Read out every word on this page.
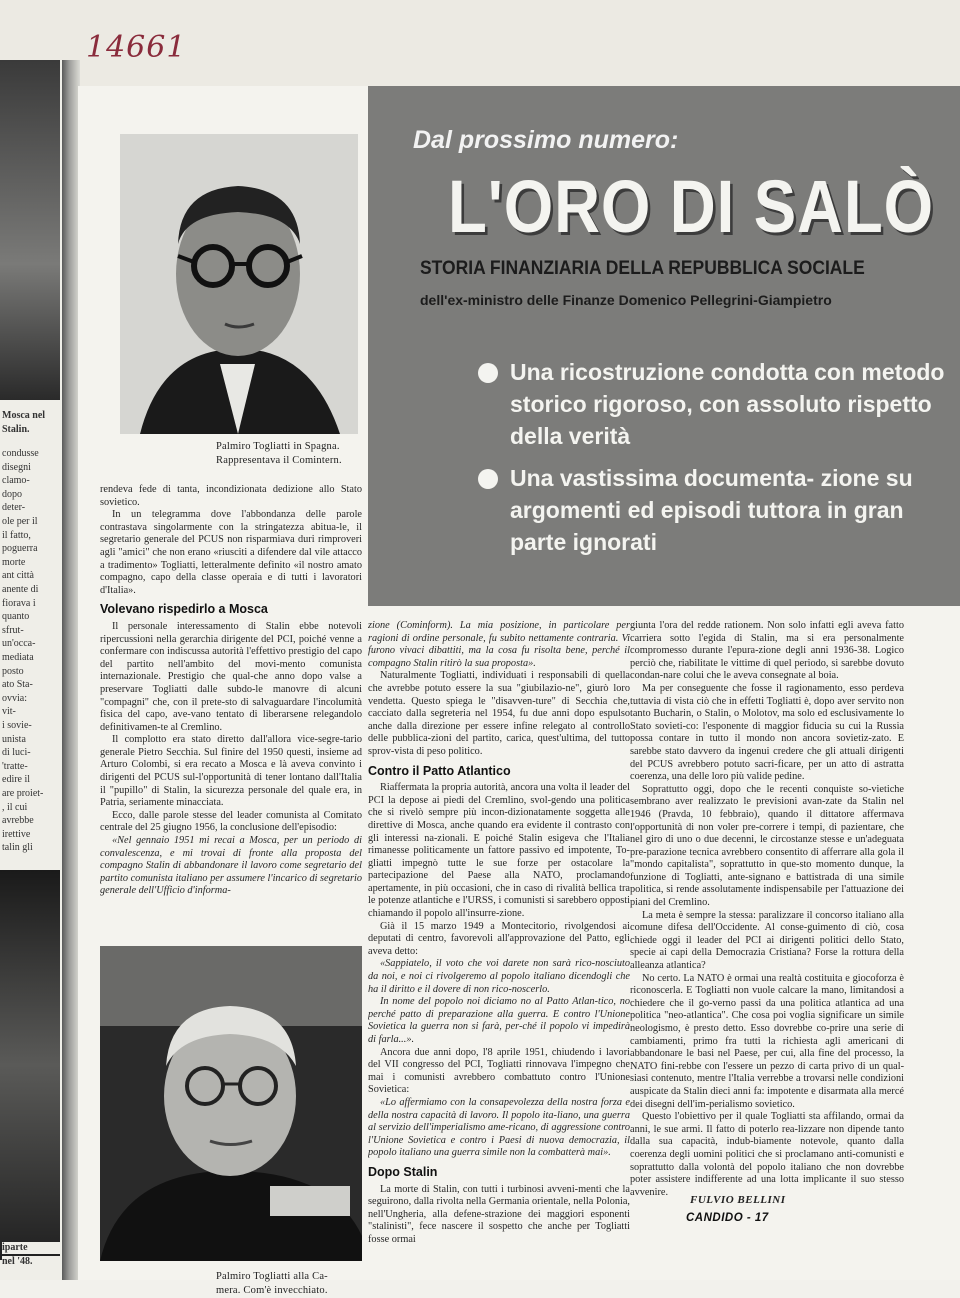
14661
Mosca nel
Stalin.
iparte
nel '48.
condusse
disegni
clamo-
dopo
deter-
ole per il
il fatto,
poguerra
morte
ant città
anente di
fiorava i
quanto
sfrut-
un'occa-
mediata
posto
ato Sta-
ovvia:
vit-
i sovie-
unista
di luci-
'tratte-
edire il
are proiet-
, il cui
avrebbe
irettive
talin gli
Palmiro Togliatti in Spagna.
Rappresentava il Comintern.
Dal prossimo numero:
L'ORO DI SALÒ
STORIA FINANZIARIA DELLA REPUBBLICA SOCIALE
dell'ex-ministro delle Finanze Domenico Pellegrini-Giampietro
Una ricostruzione condotta con metodo storico rigoroso, con assoluto rispetto della verità
Una vastissima documenta- zione su argomenti ed episodi tuttora in gran parte ignorati

rendeva fede di tanta, incondizionata dedizione allo Stato sovietico.

In un telegramma dove l'abbondanza delle parole contrastava singolarmente con la stringatezza abitua-le, il segretario generale del PCUS non risparmiava duri rimproveri agli "amici" che non erano «riusciti a difendere dal vile attacco a tradimento» Togliatti, letteralmente definito «il nostro amato compagno, capo della classe operaia e di tutti i lavoratori d'Italia».

Volevano rispedirlo a Mosca

Il personale interessamento di Stalin ebbe notevoli ripercussioni nella gerarchia dirigente del PCI, poiché venne a confermare con indiscussa autorità l'effettivo prestigio del capo del partito nell'ambito del movi-mento comunista internazionale. Prestigio che qual-che anno dopo valse a preservare Togliatti dalle subdo-le manovre di alcuni "compagni" che, con il prete-sto di salvaguardare l'incolumità fisica del capo, ave-vano tentato di liberarsene relegandolo definitivamen-te al Cremlino.

Il complotto era stato diretto dall'allora vice-segre-tario generale Pietro Secchia. Sul finire del 1950 questi, insieme ad Arturo Colombi, si era recato a Mosca e là aveva convinto i dirigenti del PCUS sul-l'opportunità di tener lontano dall'Italia il "pupillo" di Stalin, la sicurezza personale del quale era, in Patria, seriamente minacciata.

Ecco, dalle parole stesse del leader comunista al Comitato centrale del 25 giugno 1956, la conclusione dell'episodio:

«Nel gennaio 1951 mi recai a Mosca, per un periodo di convalescenza, e mi trovai di fronte alla proposta del compagno Stalin di abbandonare il lavoro come segretario del partito comunista italiano per assumere l'incarico di segretario generale dell'Ufficio d'informa-

Palmiro Togliatti alla Ca-
mera. Com'è invecchiato.

zione (Cominform). La mia posizione, in particolare per ragioni di ordine personale, fu subito nettamente contraria. Vi furono vivaci dibattiti, ma la cosa fu risolta bene, perché il compagno Stalin ritirò la sua proposta».

Naturalmente Togliatti, individuati i responsabili di quella che avrebbe potuto essere la sua "giubilazio-ne", giurò loro vendetta. Questo spiega le "disavven-ture" di Secchia che, cacciato dalla segreteria nel 1954, fu due anni dopo espulso anche dalla direzione per essere infine relegato al controllo delle pubblica-zioni del partito, carica, quest'ultima, del tutto sprov-vista di peso politico.

Contro il Patto Atlantico

Riaffermata la propria autorità, ancora una volta il leader del PCI la depose ai piedi del Cremlino, svol-gendo una politica che si rivelò sempre più incon-dizionatamente soggetta alle direttive di Mosca, anche quando era evidente il contrasto con gli interessi na-zionali. E poiché Stalin esigeva che l'Italia rimanesse politicamente un fattore passivo ed impotente, To-gliatti impegnò tutte le sue forze per ostacolare la partecipazione del Paese alla NATO, proclamando apertamente, in più occasioni, che in caso di rivalità bellica tra le potenze atlantiche e l'URSS, i comunisti si sarebbero opposti chiamando il popolo all'insurre-zione.

Già il 15 marzo 1949 a Montecitorio, rivolgendosi ai deputati di centro, favorevoli all'approvazione del Patto, egli aveva detto:

«Sappiatelo, il voto che voi darete non sarà rico-nosciuto da noi, e noi ci rivolgeremo al popolo italiano dicendogli che ha il diritto e il dovere di non rico-noscerlo.

In nome del popolo noi diciamo no al Patto Atlan-tico, no perché patto di preparazione alla guerra. E contro l'Unione Sovietica la guerra non si farà, per-ché il popolo vi impedirà di farla...».

Ancora due anni dopo, l'8 aprile 1951, chiudendo i lavori del VII congresso del PCI, Togliatti rinnovava l'impegno che mai i comunisti avrebbero combattuto contro l'Unione Sovietica:

«Lo affermiamo con la consapevolezza della nostra forza e della nostra capacità di lavoro. Il popolo ita-liano, una guerra al servizio dell'imperialismo ame-ricano, di aggressione contro l'Unione Sovietica e contro i Paesi di nuova democrazia, il popolo italiano una guerra simile non la combatterà mai».

Dopo Stalin

La morte di Stalin, con tutti i turbinosi avveni-menti che la seguirono, dalla rivolta nella Germania orientale, nella Polonia, nell'Ungheria, alla defene-strazione dei maggiori esponenti "stalinisti", fece nascere il sospetto che anche per Togliatti fosse ormai

giunta l'ora del redde rationem. Non solo infatti egli aveva fatto carriera sotto l'egida di Stalin, ma si era personalmente compromesso durante l'epura-zione degli anni 1936-38. Logico perciò che, riabilitate le vittime di quel periodo, si sarebbe dovuto condan-nare colui che le aveva consegnate al boia.

Ma per conseguente che fosse il ragionamento, esso perdeva tuttavia di vista ciò che in effetti Togliatti è, dopo aver servito non tanto Bucharin, o Stalin, o Molotov, ma solo ed esclusivamente lo Stato sovieti-co: l'esponente di maggior fiducia su cui la Russia possa contare in tutto il mondo non ancora sovietiz-zato. E sarebbe stato davvero da ingenui credere che gli attuali dirigenti del PCUS avrebbero potuto sacri-ficare, per un atto di astratta coerenza, una delle loro più valide pedine.

Soprattutto oggi, dopo che le recenti conquiste so-vietiche sembrano aver realizzato le previsioni avan-zate da Stalin nel 1946 (Pravda, 10 febbraio), quando il dittatore affermava l'opportunità di non voler pre-correre i tempi, di pazientare, che nel giro di uno o due decenni, le circostanze stesse e un'adeguata pre-parazione tecnica avrebbero consentito di afferrare alla gola il "mondo capitalista", soprattutto in que-sto momento dunque, la funzione di Togliatti, ante-signano e battistrada di una simile politica, si rende assolutamente indispensabile per l'attuazione dei piani del Cremlino.

La meta è sempre la stessa: paralizzare il concorso italiano alla comune difesa dell'Occidente. Al conse-guimento di ciò, cosa chiede oggi il leader del PCI ai dirigenti politici dello Stato, specie ai capi della Democrazia Cristiana? Forse la rottura della alleanza atlantica?

No certo. La NATO è ormai una realtà costituita e giocoforza è riconoscerla. E Togliatti non vuole calcare la mano, limitandosi a chiedere che il go-verno passi da una politica atlantica ad una politica "neo-atlantica". Che cosa poi voglia significare un simile neologismo, è presto detto. Esso dovrebbe co-prire una serie di cambiamenti, primo fra tutti la richiesta agli americani di abbandonare le basi nel Paese, per cui, alla fine del processo, la NATO fini-rebbe con l'essere un pezzo di carta privo di un qual-siasi contenuto, mentre l'Italia verrebbe a trovarsi nelle condizioni auspicate da Stalin dieci anni fa: impotente e disarmata alla mercé dei disegni dell'im-perialismo sovietico.

Questo l'obiettivo per il quale Togliatti sta affilando, ormai da anni, le sue armi. Il fatto di poterlo rea-lizzare non dipende tanto dalla sua capacità, indub-biamente notevole, quanto dalla coerenza degli uomini politici che si proclamano anti-comunisti e soprattutto dalla volontà del popolo italiano che non dovrebbe poter assistere indifferente ad una lotta implicante il suo stesso avvenire.

FULVIO BELLINI
CANDIDO - 17
